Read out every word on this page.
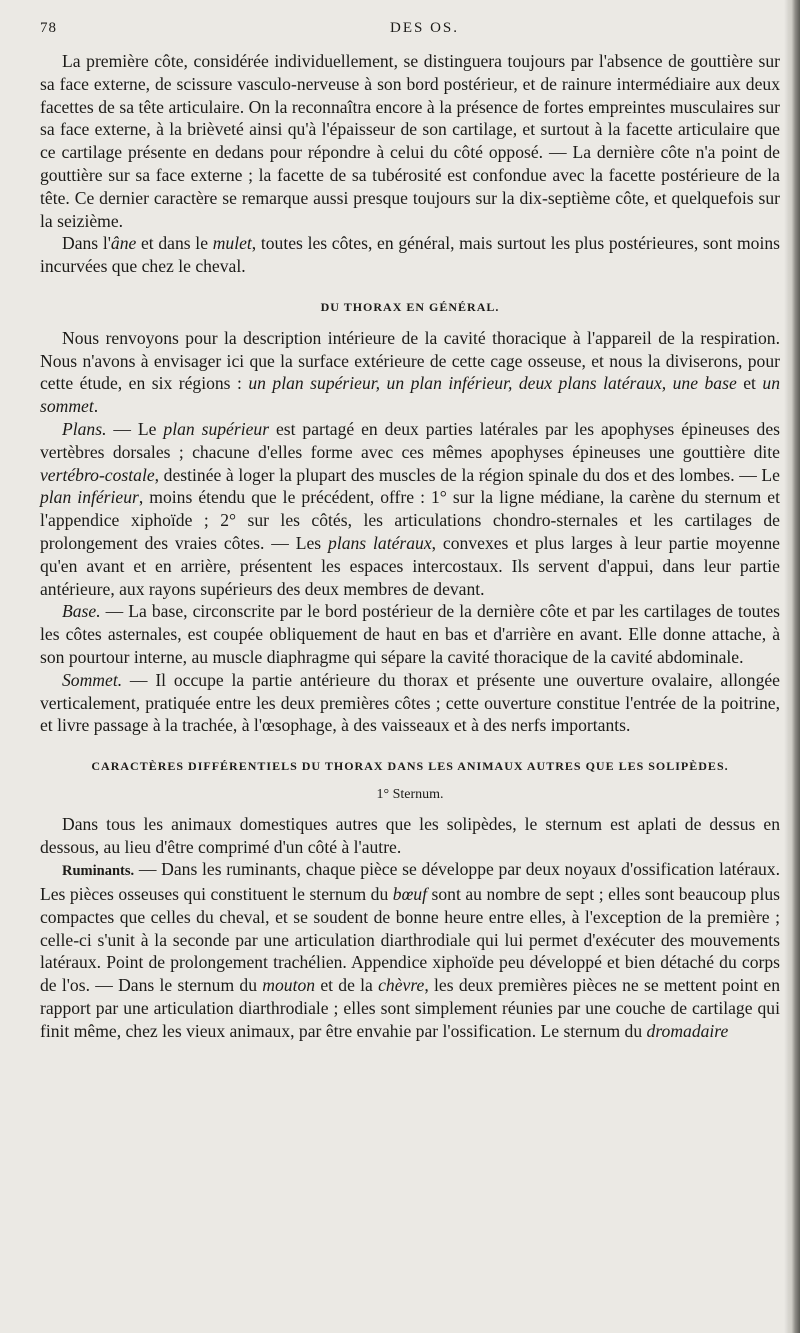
78	DES OS.

La première côte, considérée individuellement, se distinguera toujours par l'absence de gouttière sur sa face externe, de scissure vasculo-nerveuse à son bord postérieur, et de rainure intermédiaire aux deux facettes de sa tête articulaire. On la reconnaîtra encore à la présence de fortes empreintes musculaires sur sa face externe, à la brièveté ainsi qu'à l'épaisseur de son cartilage, et surtout à la facette articulaire que ce cartilage présente en dedans pour répondre à celui du côté opposé. — La dernière côte n'a point de gouttière sur sa face externe ; la facette de sa tubérosité est confondue avec la facette postérieure de la tête. Ce dernier caractère se remarque aussi presque toujours sur la dix-septième côte, et quelquefois sur la seizième.

Dans l'âne et dans le mulet, toutes les côtes, en général, mais surtout les plus postérieures, sont moins incurvées que chez le cheval.

DU THORAX EN GÉNÉRAL.

Nous renvoyons pour la description intérieure de la cavité thoracique à l'appareil de la respiration. Nous n'avons à envisager ici que la surface extérieure de cette cage osseuse, et nous la diviserons, pour cette étude, en six régions : un plan supérieur, un plan inférieur, deux plans latéraux, une base et un sommet.

Plans. — Le plan supérieur est partagé en deux parties latérales par les apophyses épineuses des vertèbres dorsales ; chacune d'elles forme avec ces mêmes apophyses épineuses une gouttière dite vertébro-costale, destinée à loger la plupart des muscles de la région spinale du dos et des lombes. — Le plan inférieur, moins étendu que le précédent, offre : 1° sur la ligne médiane, la carène du sternum et l'appendice xiphoïde ; 2° sur les côtés, les articulations chondro-sternales et les cartilages de prolongement des vraies côtes. — Les plans latéraux, convexes et plus larges à leur partie moyenne qu'en avant et en arrière, présentent les espaces intercostaux. Ils servent d'appui, dans leur partie antérieure, aux rayons supérieurs des deux membres de devant.

Base. — La base, circonscrite par le bord postérieur de la dernière côte et par les cartilages de toutes les côtes asternales, est coupée obliquement de haut en bas et d'arrière en avant. Elle donne attache, à son pourtour interne, au muscle diaphragme qui sépare la cavité thoracique de la cavité abdominale.

Sommet. — Il occupe la partie antérieure du thorax et présente une ouverture ovalaire, allongée verticalement, pratiquée entre les deux premières côtes ; cette ouverture constitue l'entrée de la poitrine, et livre passage à la trachée, à l'œsophage, à des vaisseaux et à des nerfs importants.

CARACTÈRES DIFFÉRENTIELS DU THORAX DANS LES ANIMAUX AUTRES QUE LES SOLIPÈDES.
1° Sternum.

Dans tous les animaux domestiques autres que les solipèdes, le sternum est aplati de dessus en dessous, au lieu d'être comprimé d'un côté à l'autre.

Ruminants. — Dans les ruminants, chaque pièce se développe par deux noyaux d'ossification latéraux. Les pièces osseuses qui constituent le sternum du bœuf sont au nombre de sept ; elles sont beaucoup plus compactes que celles du cheval, et se soudent de bonne heure entre elles, à l'exception de la première ; celle-ci s'unit à la seconde par une articulation diarthrodiale qui lui permet d'exécuter des mouvements latéraux. Point de prolongement trachélien. Appendice xiphoïde peu développé et bien détaché du corps de l'os. — Dans le sternum du mouton et de la chèvre, les deux premières pièces ne se mettent point en rapport par une articulation diarthrodiale ; elles sont simplement réunies par une couche de cartilage qui finit même, chez les vieux animaux, par être envahie par l'ossification. Le sternum du dromadaire
